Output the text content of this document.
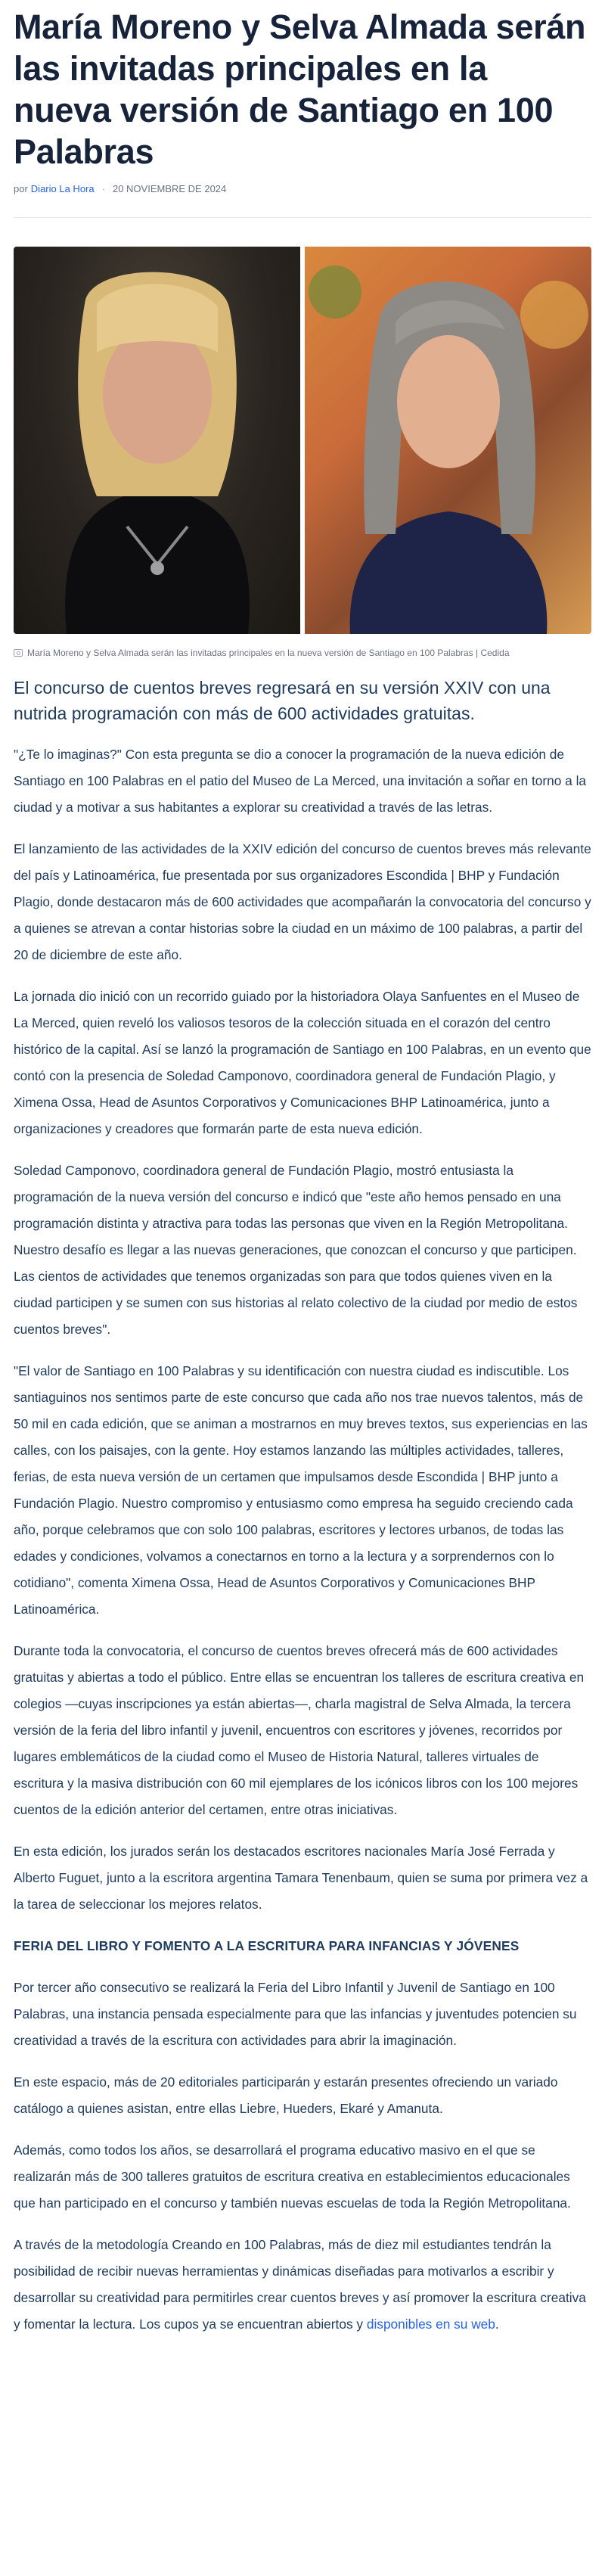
María Moreno y Selva Almada serán las invitadas principales en la nueva versión de Santiago en 100 Palabras
por Diario La Hora · 20 NOVIEMBRE DE 2024
María Moreno y Selva Almada serán las invitadas principales en la nueva versión de Santiago en 100 Palabras | Cedida

El concurso de cuentos breves regresará en su versión XXIV con una nutrida programación con más de 600 actividades gratuitas.

"¿Te lo imaginas?" Con esta pregunta se dio a conocer la programación de la nueva edición de Santiago en 100 Palabras en el patio del Museo de La Merced, una invitación a soñar en torno a la ciudad y a motivar a sus habitantes a explorar su creatividad a través de las letras.

El lanzamiento de las actividades de la XXIV edición del concurso de cuentos breves más relevante del país y Latinoamérica, fue presentada por sus organizadores Escondida | BHP y Fundación Plagio, donde destacaron más de 600 actividades que acompañarán la convocatoria del concurso y a quienes se atrevan a contar historias sobre la ciudad en un máximo de 100 palabras, a partir del 20 de diciembre de este año.

La jornada dio inició con un recorrido guiado por la historiadora Olaya Sanfuentes en el Museo de La Merced, quien reveló los valiosos tesoros de la colección situada en el corazón del centro histórico de la capital. Así se lanzó la programación de Santiago en 100 Palabras, en un evento que contó con la presencia de Soledad Camponovo, coordinadora general de Fundación Plagio, y Ximena Ossa, Head de Asuntos Corporativos y Comunicaciones BHP Latinoamérica, junto a organizaciones y creadores que formarán parte de esta nueva edición.

Soledad Camponovo, coordinadora general de Fundación Plagio, mostró entusiasta la programación de la nueva versión del concurso e indicó que "este año hemos pensado en una programación distinta y atractiva para todas las personas que viven en la Región Metropolitana. Nuestro desafío es llegar a las nuevas generaciones, que conozcan el concurso y que participen. Las cientos de actividades que tenemos organizadas son para que todos quienes viven en la ciudad participen y se sumen con sus historias al relato colectivo de la ciudad por medio de estos cuentos breves".

"El valor de Santiago en 100 Palabras y su identificación con nuestra ciudad es indiscutible. Los santiaguinos nos sentimos parte de este concurso que cada año nos trae nuevos talentos, más de 50 mil en cada edición, que se animan a mostrarnos en muy breves textos, sus experiencias en las calles, con los paisajes, con la gente. Hoy estamos lanzando las múltiples actividades, talleres, ferias, de esta nueva versión de un certamen que impulsamos desde Escondida | BHP junto a Fundación Plagio. Nuestro compromiso y entusiasmo como empresa ha seguido creciendo cada año, porque celebramos que con solo 100 palabras, escritores y lectores urbanos, de todas las edades y condiciones, volvamos a conectarnos en torno a la lectura y a sorprendernos con lo cotidiano", comenta Ximena Ossa, Head de Asuntos Corporativos y Comunicaciones BHP Latinoamérica.

Durante toda la convocatoria, el concurso de cuentos breves ofrecerá más de 600 actividades gratuitas y abiertas a todo el público. Entre ellas se encuentran los talleres de escritura creativa en colegios —cuyas inscripciones ya están abiertas—, charla magistral de Selva Almada, la tercera versión de la feria del libro infantil y juvenil, encuentros con escritores y jóvenes, recorridos por lugares emblemáticos de la ciudad como el Museo de Historia Natural, talleres virtuales de escritura y la masiva distribución con 60 mil ejemplares de los icónicos libros con los 100 mejores cuentos de la edición anterior del certamen, entre otras iniciativas.

En esta edición, los jurados serán los destacados escritores nacionales María José Ferrada y Alberto Fuguet, junto a la escritora argentina Tamara Tenenbaum, quien se suma por primera vez a la tarea de seleccionar los mejores relatos.

FERIA DEL LIBRO Y FOMENTO A LA ESCRITURA PARA INFANCIAS Y JÓVENES

Por tercer año consecutivo se realizará la Feria del Libro Infantil y Juvenil de Santiago en 100 Palabras, una instancia pensada especialmente para que las infancias y juventudes potencien su creatividad a través de la escritura con actividades para abrir la imaginación.

En este espacio, más de 20 editoriales participarán y estarán presentes ofreciendo un variado catálogo a quienes asistan, entre ellas Liebre, Hueders, Ekaré y Amanuta.

Además, como todos los años, se desarrollará el programa educativo masivo en el que se realizarán más de 300 talleres gratuitos de escritura creativa en establecimientos educacionales que han participado en el concurso y también nuevas escuelas de toda la Región Metropolitana.

A través de la metodología Creando en 100 Palabras, más de diez mil estudiantes tendrán la posibilidad de recibir nuevas herramientas y dinámicas diseñadas para motivarlos a escribir y desarrollar su creatividad para permitirles crear cuentos breves y así promover la escritura creativa y fomentar la lectura. Los cupos ya se encuentran abiertos y disponibles en su web.
